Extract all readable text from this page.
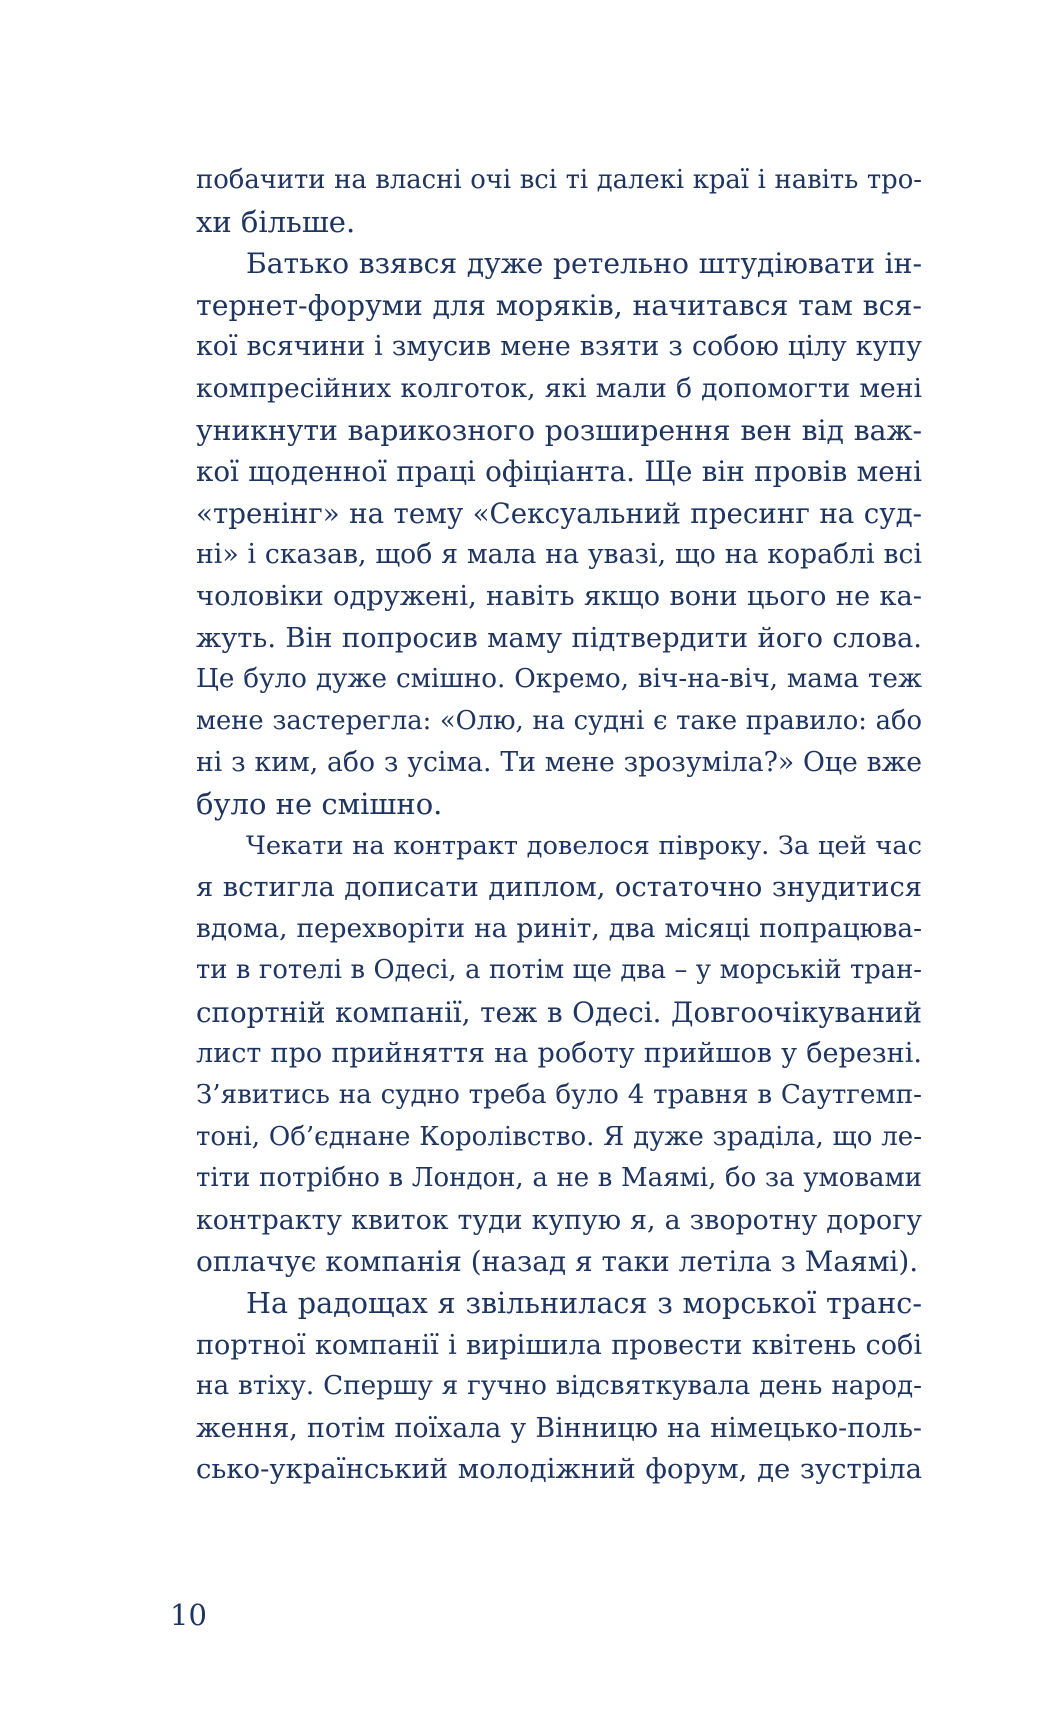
побачити на власні очі всі ті далекі краї і навіть тро-
хи більше.
Батько взявся дуже ретельно штудіювати ін-
тернет-форуми для моряків, начитався там вся-
кої всячини і змусив мене взяти з собою цілу купу
компресійних колготок, які мали б допомогти мені
уникнути варикозного розширення вен від важ-
кої щоденної праці офіціанта. Ще він провів мені
«тренінг» на тему «Сексуальний пресинг на суд-
ні» і сказав, щоб я мала на увазі, що на кораблі всі
чоловіки одружені, навіть якщо вони цього не ка-
жуть. Він попросив маму підтвердити його слова.
Це було дуже смішно. Окремо, віч-на-віч, мама теж
мене застерегла: «Олю, на судні є таке правило: або
ні з ким, або з усіма. Ти мене зрозуміла?» Оце вже
було не смішно.
Чекати на контракт довелося півроку. За цей час
я встигла дописати диплом, остаточно знудитися
вдома, перехворіти на риніт, два місяці попрацюва-
ти в готелі в Одесі, а потім ще два – у морській тран-
спортній компанії, теж в Одесі. Довгоочікуваний
лист про прийняття на роботу прийшов у березні.
З’явитись на судно треба було 4 травня в Саутгемп-
тоні, Об’єднане Королівство. Я дуже зраділа, що ле-
тіти потрібно в Лондон, а не в Маямі, бо за умовами
контракту квиток туди купую я, а зворотну дорогу
оплачує компанія (назад я таки летіла з Маямі).
На радощах я звільнилася з морської транс-
портної компанії і вирішила провести квітень собі
на втіху. Спершу я гучно відсвяткувала день народ-
ження, потім поїхала у Вінницю на німецько-поль-
сько-український молодіжний форум, де зустріла
10
